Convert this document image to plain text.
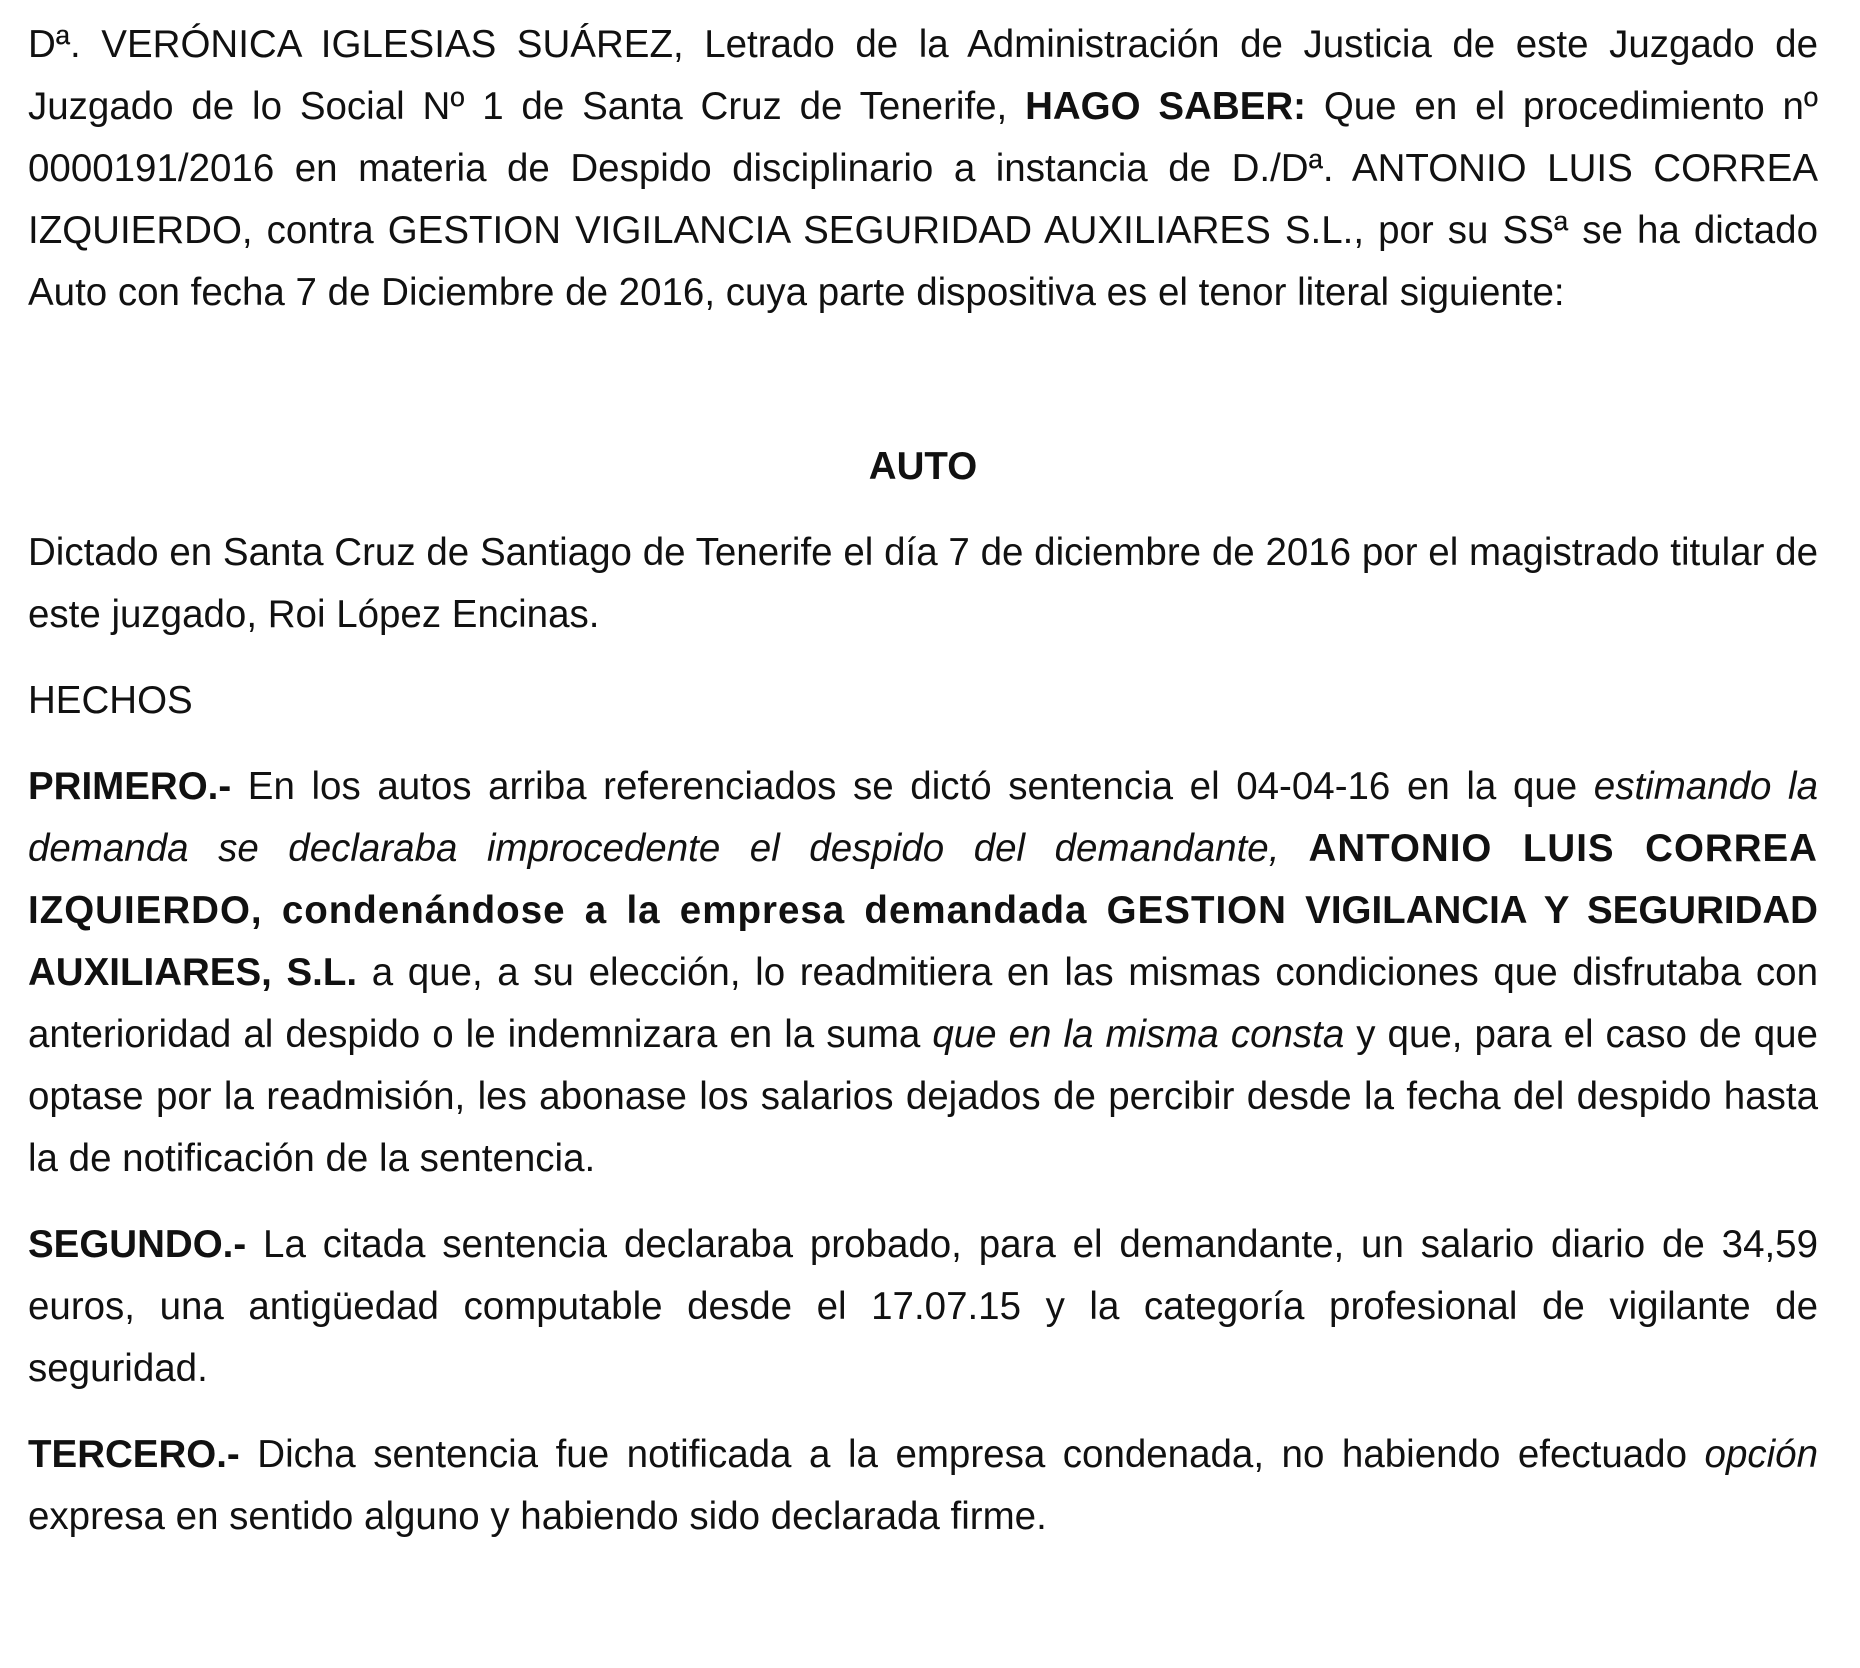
Dª. VERÓNICA IGLESIAS SUÁREZ, Letrado de la Administración de Justicia de este Juzgado de Juzgado de lo Social Nº 1 de Santa Cruz de Tenerife, HAGO SABER: Que en el procedimiento nº 0000191/2016 en materia de Despido disciplinario a instancia de D./Dª. ANTONIO LUIS CORREA IZQUIERDO, contra GESTION VIGILANCIA SEGURIDAD AUXILIARES S.L., por su SSª se ha dictado Auto con fecha 7 de Diciembre de 2016, cuya parte dispositiva es el tenor literal siguiente:

AUTO

Dictado en Santa Cruz de Santiago de Tenerife el día 7 de diciembre de 2016 por el magistrado titular de este juzgado, Roi López Encinas.

HECHOS

PRIMERO.- En los autos arriba referenciados se dictó sentencia el 04-04-16 en la que estimando la demanda se declaraba improcedente el despido del demandante, ANTONIO LUIS CORREA IZQUIERDO, condenándose a la empresa demandada GESTION VIGILANCIA Y SEGURIDAD AUXILIARES, S.L. a que, a su elección, lo readmitiera en las mismas condiciones que disfrutaba con anterioridad al despido o le indemnizara en la suma que en la misma consta y que, para el caso de que optase por la readmisión, les abonase los salarios dejados de percibir desde la fecha del despido hasta la de notificación de la sentencia.

SEGUNDO.- La citada sentencia declaraba probado, para el demandante, un salario diario de 34,59 euros, una antigüedad computable desde el 17.07.15 y la categoría profesional de vigilante de seguridad.

TERCERO.- Dicha sentencia fue notificada a la empresa condenada, no habiendo efectuado opción expresa en sentido alguno y habiendo sido declarada firme.
